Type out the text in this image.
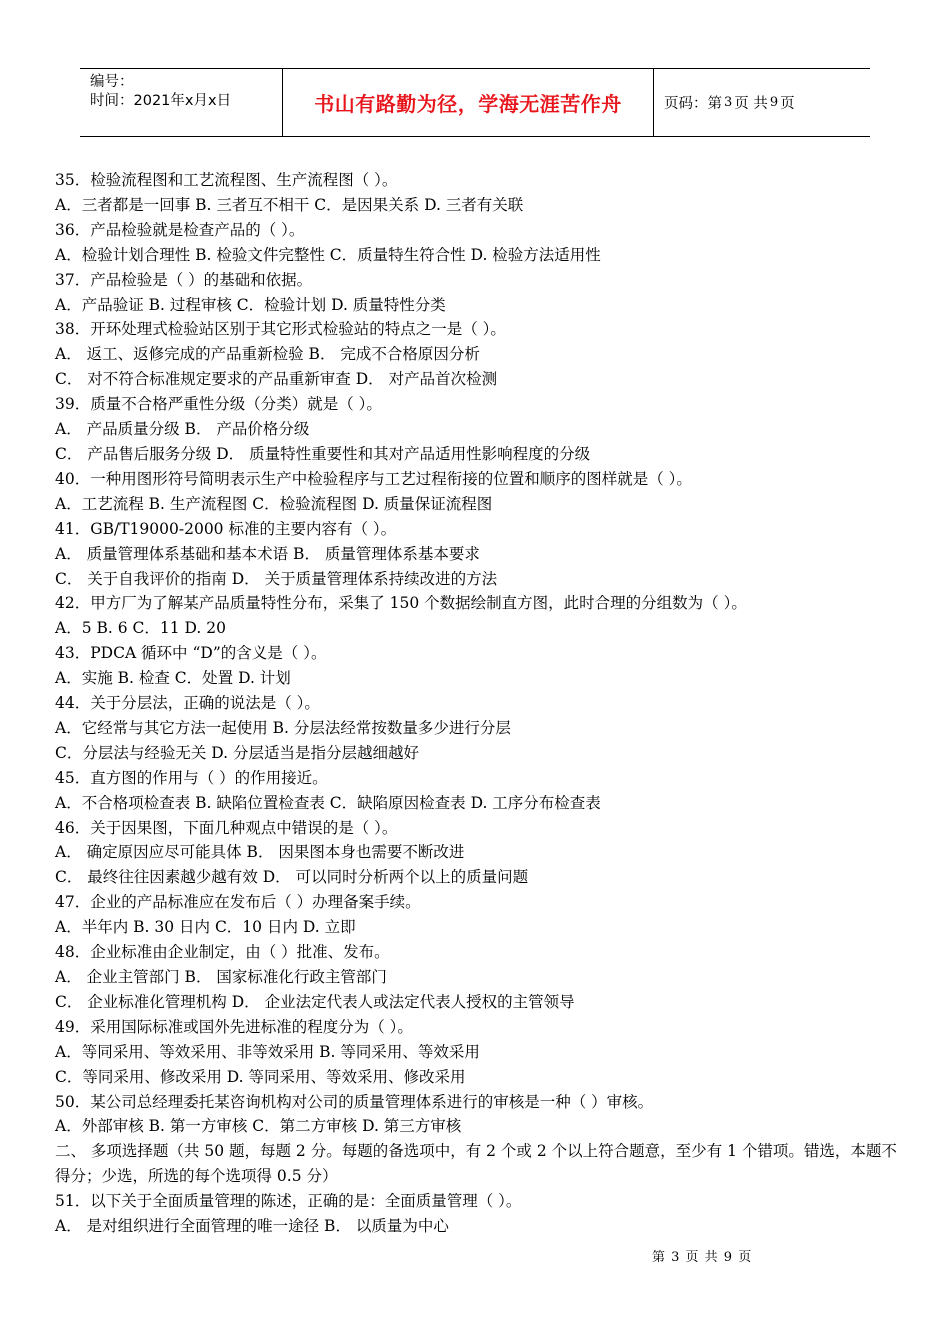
编号：
时间：2021年x月x日	书山有路勤为径，学海无涯苦作舟	页码：第 3 页 共 9 页

35．检验流程图和工艺流程图、生产流程图（ ）。

A．三者都是一回事 B. 三者互不相干 C．是因果关系 D. 三者有关联

36．产品检验就是检查产品的（ ）。

A．检验计划合理性 B. 检验文件完整性 C．质量特生符合性 D. 检验方法适用性

37．产品检验是（ ）的基础和依据。

A．产品验证 B. 过程审核 C．检验计划 D. 质量特性分类

38．开环处理式检验站区别于其它形式检验站的特点之一是（ ）。

A． 返工、返修完成的产品重新检验 B． 完成不合格原因分析

C． 对不符合标准规定要求的产品重新审查 D． 对产品首次检测

39．质量不合格严重性分级（分类）就是（ ）。

A． 产品质量分级 B． 产品价格分级

C． 产品售后服务分级 D． 质量特性重要性和其对产品适用性影响程度的分级

40．一种用图形符号简明表示生产中检验程序与工艺过程衔接的位置和顺序的图样就是（ ）。

A．工艺流程 B. 生产流程图 C．检验流程图 D. 质量保证流程图

41．GB/T19000-2000 标准的主要内容有（ ）。

A． 质量管理体系基础和基本术语 B． 质量管理体系基本要求

C． 关于自我评价的指南 D． 关于质量管理体系持续改进的方法

42．甲方厂为了解某产品质量特性分布，采集了 150 个数据绘制直方图，此时合理的分组数为（ ）。

A．5 B. 6 C．11 D. 20

43．PDCA 循环中 “D”的含义是（ ）。

A．实施 B. 检查 C．处置 D. 计划

44．关于分层法，正确的说法是（ ）。

A．它经常与其它方法一起使用 B. 分层法经常按数量多少进行分层

C．分层法与经验无关 D. 分层适当是指分层越细越好

45．直方图的作用与（ ）的作用接近。

A．不合格项检查表 B. 缺陷位置检查表 C．缺陷原因检查表 D. 工序分布检查表

46．关于因果图，下面几种观点中错误的是（ ）。

A． 确定原因应尽可能具体 B． 因果图本身也需要不断改进

C． 最终往往因素越少越有效 D． 可以同时分析两个以上的质量问题

47．企业的产品标准应在发布后（ ）办理备案手续。

A．半年内 B. 30 日内 C．10 日内 D. 立即

48．企业标准由企业制定，由（ ）批准、发布。

A． 企业主管部门 B． 国家标准化行政主管部门

C． 企业标准化管理机构 D． 企业法定代表人或法定代表人授权的主管领导

49．采用国际标准或国外先进标准的程度分为（ ）。

A．等同采用、等效采用、非等效采用 B. 等同采用、等效采用

C．等同采用、修改采用 D. 等同采用、等效采用、修改采用

50．某公司总经理委托某咨询机构对公司的质量管理体系进行的审核是一种（ ）审核。

A．外部审核 B. 第一方审核 C．第二方审核 D. 第三方审核

二、 多项选择题（共 50 题，每题 2 分。每题的备选项中，有 2 个或 2 个以上符合题意，至少有 1 个错项。错选，本题不得分；少选，所选的每个选项得 0.5 分）

51．以下关于全面质量管理的陈述，正确的是：全面质量管理（ ）。

A． 是对组织进行全面管理的唯一途径 B． 以质量为中心

第 3 页 共 9 页
